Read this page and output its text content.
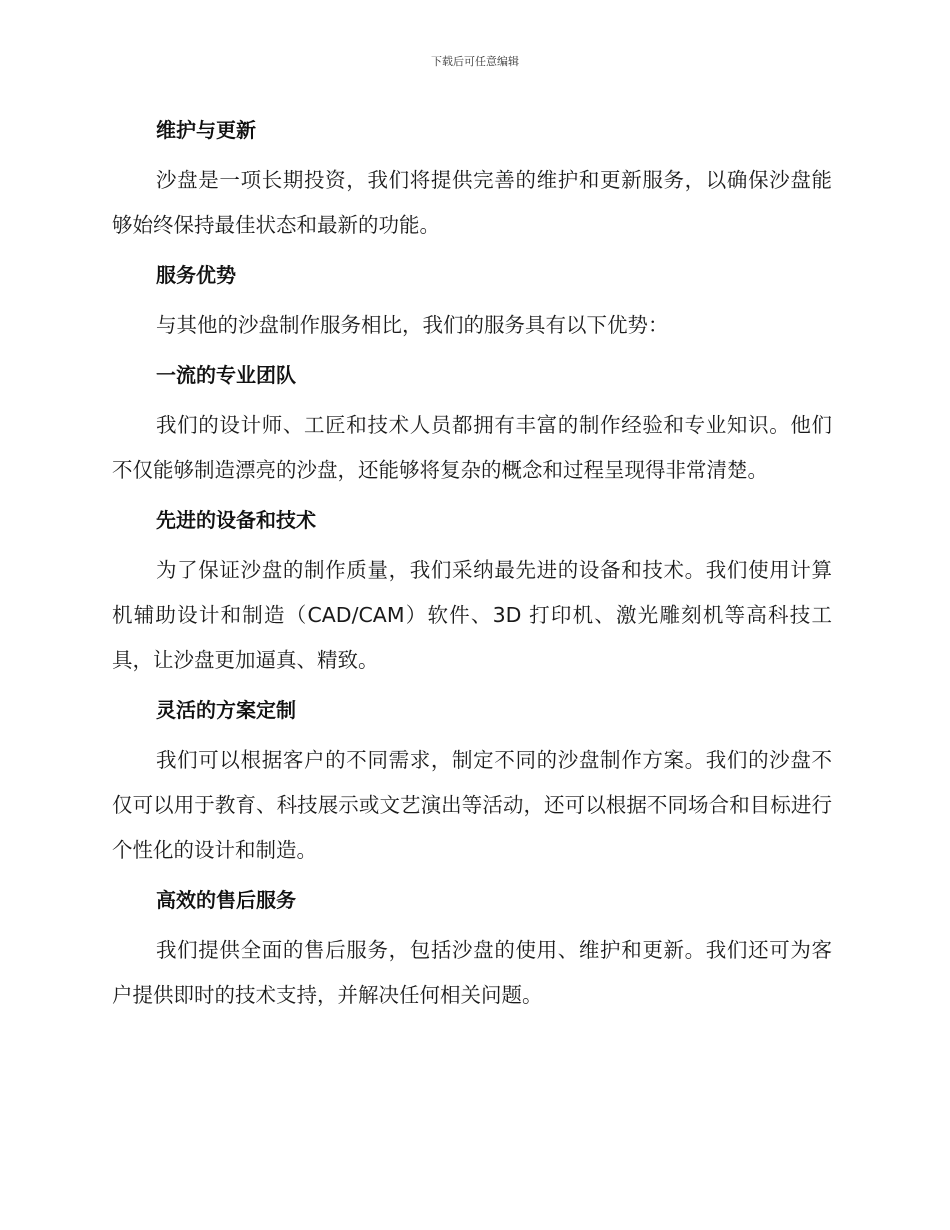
下载后可任意编辑
维护与更新

沙盘是一项长期投资，我们将提供完善的维护和更新服务，以确保沙盘能够始终保持最佳状态和最新的功能。

服务优势

与其他的沙盘制作服务相比，我们的服务具有以下优势：

一流的专业团队

我们的设计师、工匠和技术人员都拥有丰富的制作经验和专业知识。他们不仅能够制造漂亮的沙盘，还能够将复杂的概念和过程呈现得非常清楚。

先进的设备和技术

为了保证沙盘的制作质量，我们采纳最先进的设备和技术。我们使用计算机辅助设计和制造（CAD/CAM）软件、3D 打印机、激光雕刻机等高科技工具，让沙盘更加逼真、精致。

灵活的方案定制

我们可以根据客户的不同需求，制定不同的沙盘制作方案。我们的沙盘不仅可以用于教育、科技展示或文艺演出等活动，还可以根据不同场合和目标进行个性化的设计和制造。

高效的售后服务

我们提供全面的售后服务，包括沙盘的使用、维护和更新。我们还可为客户提供即时的技术支持，并解决任何相关问题。
